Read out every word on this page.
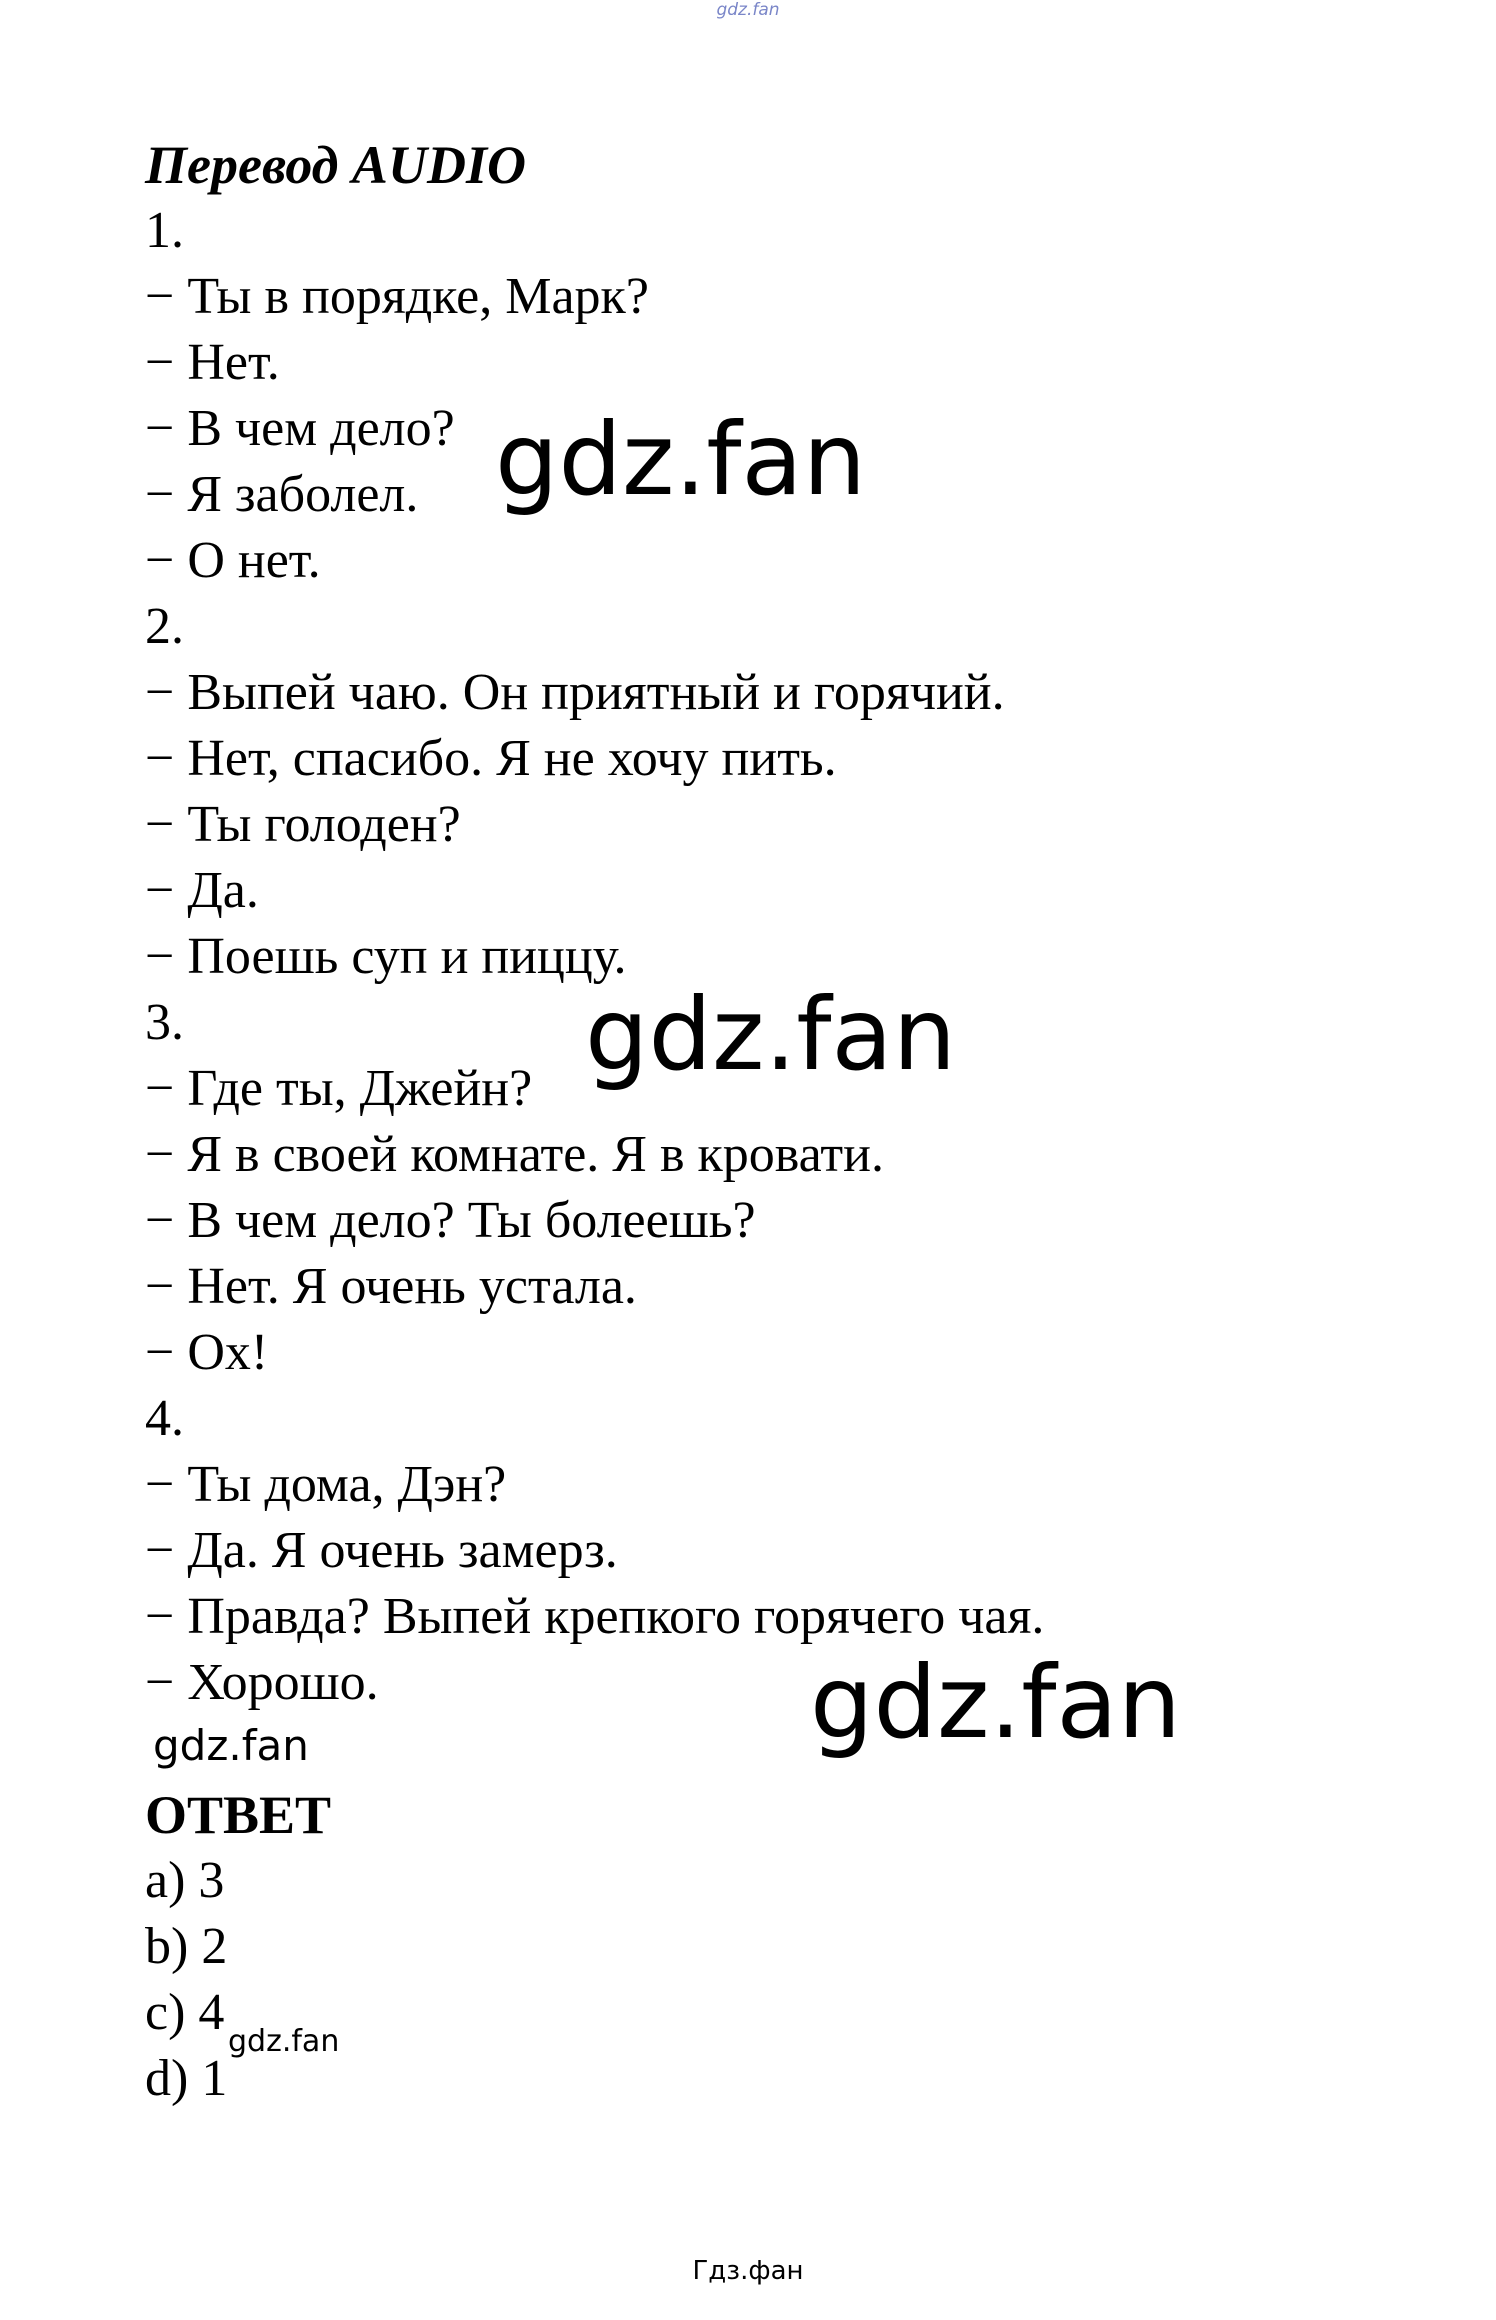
gdz.fan
Перевод AUDIO
1.
− Ты в порядке, Марк?
− Нет.
− В чем дело?
− Я заболел.
− О нет.
2.
− Выпей чаю. Он приятный и горячий.
− Нет, спасибо. Я не хочу пить.
− Ты голоден?
− Да.
− Поешь суп и пиццу.
3.
− Где ты, Джейн?
− Я в своей комнате. Я в кровати.
− В чем дело? Ты болеешь?
− Нет. Я очень устала.
− Ох!
4.
− Ты дома, Дэн?
− Да. Я очень замерз.
− Правда? Выпей крепкого горячего чая.
− Хорошо.
ОТВЕТ
a) 3
b) 2
c) 4
d) 1
gdz.fan
gdz.fan
gdz.fan
gdz.fan
gdz.fan
Гдз.фан
